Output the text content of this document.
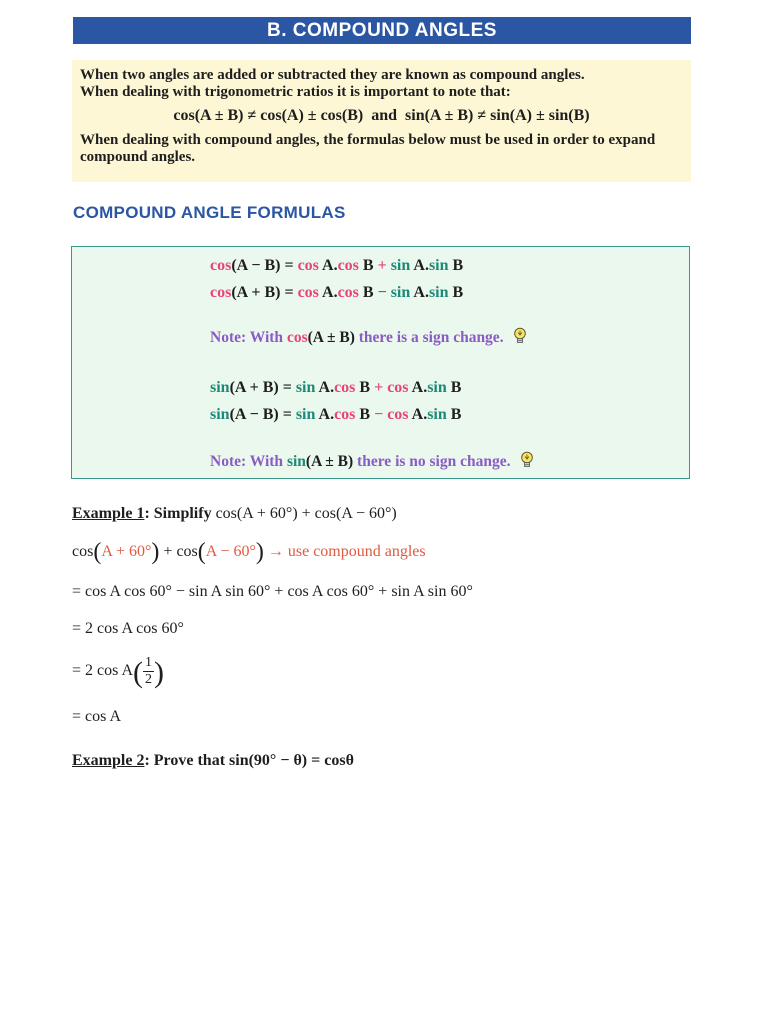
B. COMPOUND ANGLES
When two angles are added or subtracted they are known as compound angles.
When dealing with trigonometric ratios it is important to note that:
cos(A ± B) ≠ cos(A) ± cos(B) and sin(A ± B) ≠ sin(A) ± sin(B)
When dealing with compound angles, the formulas below must be used in order to expand compound angles.
COMPOUND ANGLE FORMULAS
cos(A − B) = cos A.cos B + sin A.sin B
cos(A + B) = cos A.cos B − sin A.sin B
Note: With cos(A ± B) there is a sign change.
sin(A + B) = sin A.cos B + cos A.sin B
sin(A − B) = sin A.cos B − cos A.sin B
Note: With sin(A ± B) there is no sign change.
Example 1: Simplify cos(A + 60°) + cos(A − 60°)
cos(A + 60°) + cos(A − 60°) → use compound angles
= cos A cos 60° − sin A sin 60° + cos A cos 60° + sin A sin 60°
= 2 cos A cos 60°
= 2 $\cos A( \frac{1}{2}$ )
= cos A
Example 2: Prove that sin(90° − θ) = cosθ
